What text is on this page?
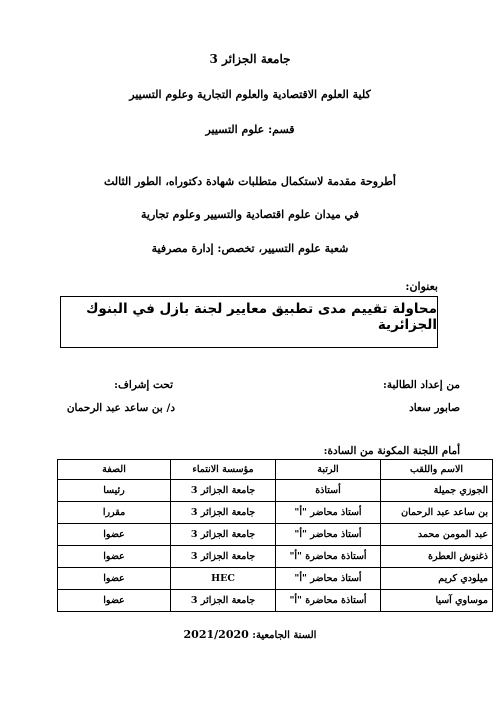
جامعة الجزائر 3
كلية العلوم الاقتصادية والعلوم التجارية وعلوم التسيير
قسم: علوم التسيير
أطروحة مقدمة لاستكمال متطلبات شهادة دكتوراه، الطور الثالث
في ميدان علوم اقتصادية والتسيير وعلوم تجارية
شعبة علوم التسيير، تخصص: إدارة مصرفية
بعنوان:
محاولة تقييم مدى تطبيق معايير لجنة بازل في البنوك الجزائرية
من إعداد الطالبة:
صابور سعاد
تحت إشراف:
د/ بن ساعد عبد الرحمان
أمام اللجنة المكونة من السادة:
الاسم واللقب	الرتبة	مؤسسة الانتماء	الصفة
الجوزي جميلة	أستاذة	جامعة الجزائر 3	رئيسا
بن ساعد عبد الرحمان	أستاذ محاضر "أ"	جامعة الجزائر 3	مقررا
عبد المومن محمد	أستاذ محاضر "أ"	جامعة الجزائر 3	عضوا
ذغنوش العطرة	أستاذة محاضرة "أ"	جامعة الجزائر 3	عضوا
ميلودي كريم	أستاذ محاضر "أ"	HEC	عضوا
موساوي آسيا	أستاذة محاضرة "أ"	جامعة الجزائر 3	عضوا
السنة الجامعية: 2021/2020
